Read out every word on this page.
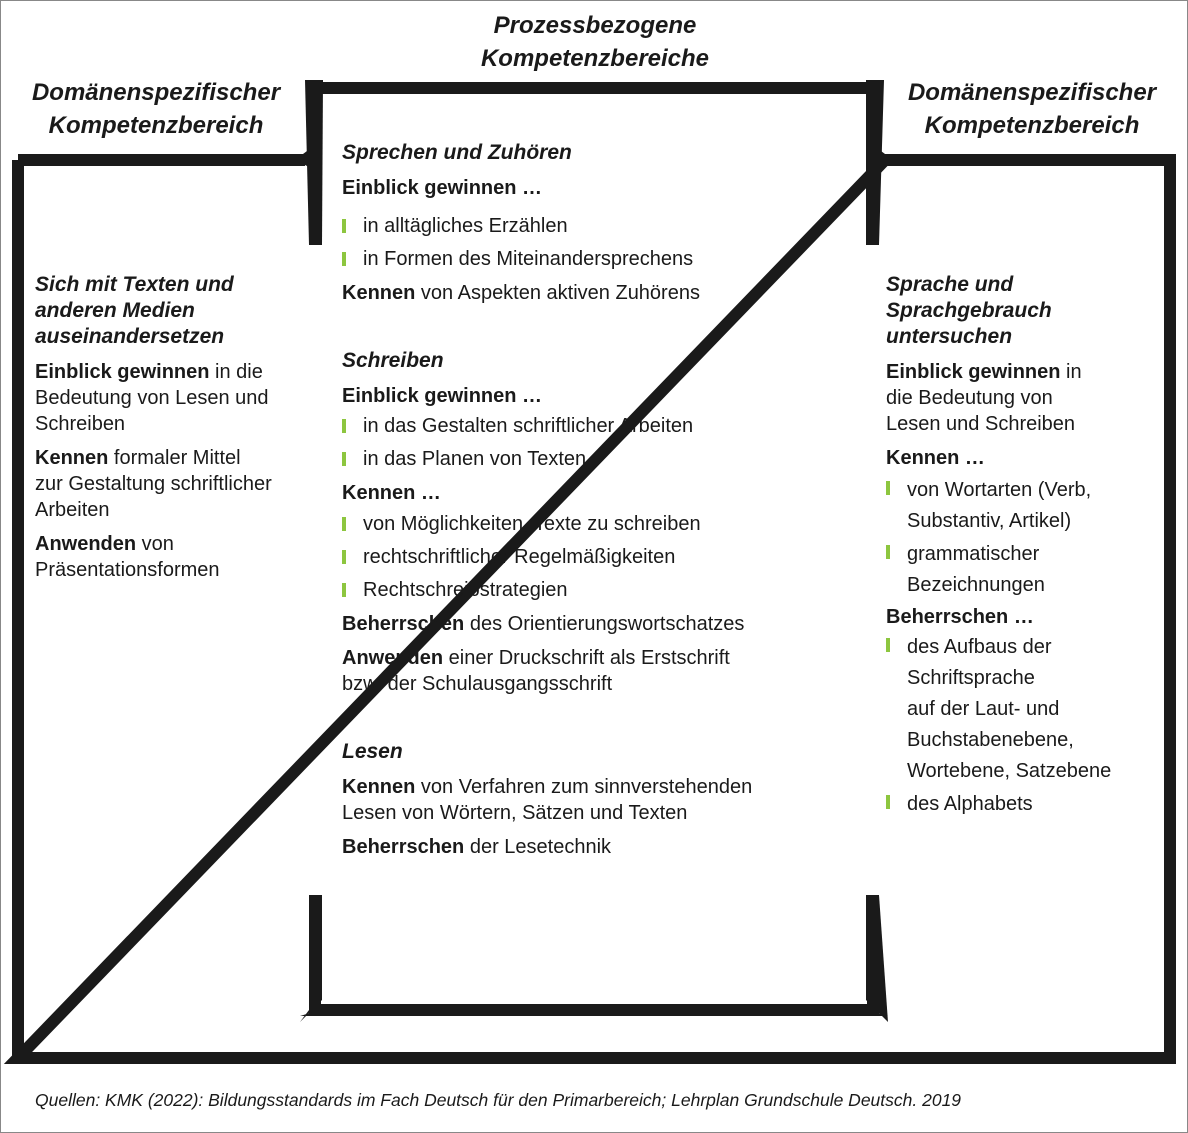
Domänenspezifischer
Kompetenzbereich
Prozessbezogene
Kompetenzbereiche
Domänenspezifischer
Kompetenzbereich
Sich mit Texten und
anderen Medien
auseinandersetzen
Einblick gewinnen in die
Bedeutung von Lesen und
Schreiben
Kennen formaler Mittel
zur Gestaltung schriftlicher
Arbeiten
Anwenden von
Präsentationsformen
Sprechen und Zuhören
Einblick gewinnen …
in alltägliches Erzählen
in Formen des Miteinandersprechens
Kennen von Aspekten aktiven Zuhörens
Schreiben
Einblick gewinnen …
in das Gestalten schriftlicher Arbeiten
in das Planen von Texten
Kennen …
von Möglichkeiten, Texte zu schreiben
rechtschriftlicher Regelmäßigkeiten
Rechtschreibstrategien
Beherrschen des Orientierungswortschatzes
Anwenden einer Druckschrift als Erstschrift
bzw. der Schulausgangsschrift
Lesen
Kennen von Verfahren zum sinnverstehenden
Lesen von Wörtern, Sätzen und Texten
Beherrschen der Lesetechnik
Sprache und
Sprachgebrauch
untersuchen
Einblick gewinnen in
die Bedeutung von
Lesen und Schreiben
Kennen …
von Wortarten (Verb,
Substantiv, Artikel)
grammatischer
Bezeichnungen
Beherrschen …
des Aufbaus der
Schriftsprache
auf der Laut- und
Buchstabenebene,
Wortebene, Satzebene
des Alphabets
Quellen: KMK (2022): Bildungsstandards im Fach Deutsch für den Primarbereich; Lehrplan Grundschule Deutsch. 2019
